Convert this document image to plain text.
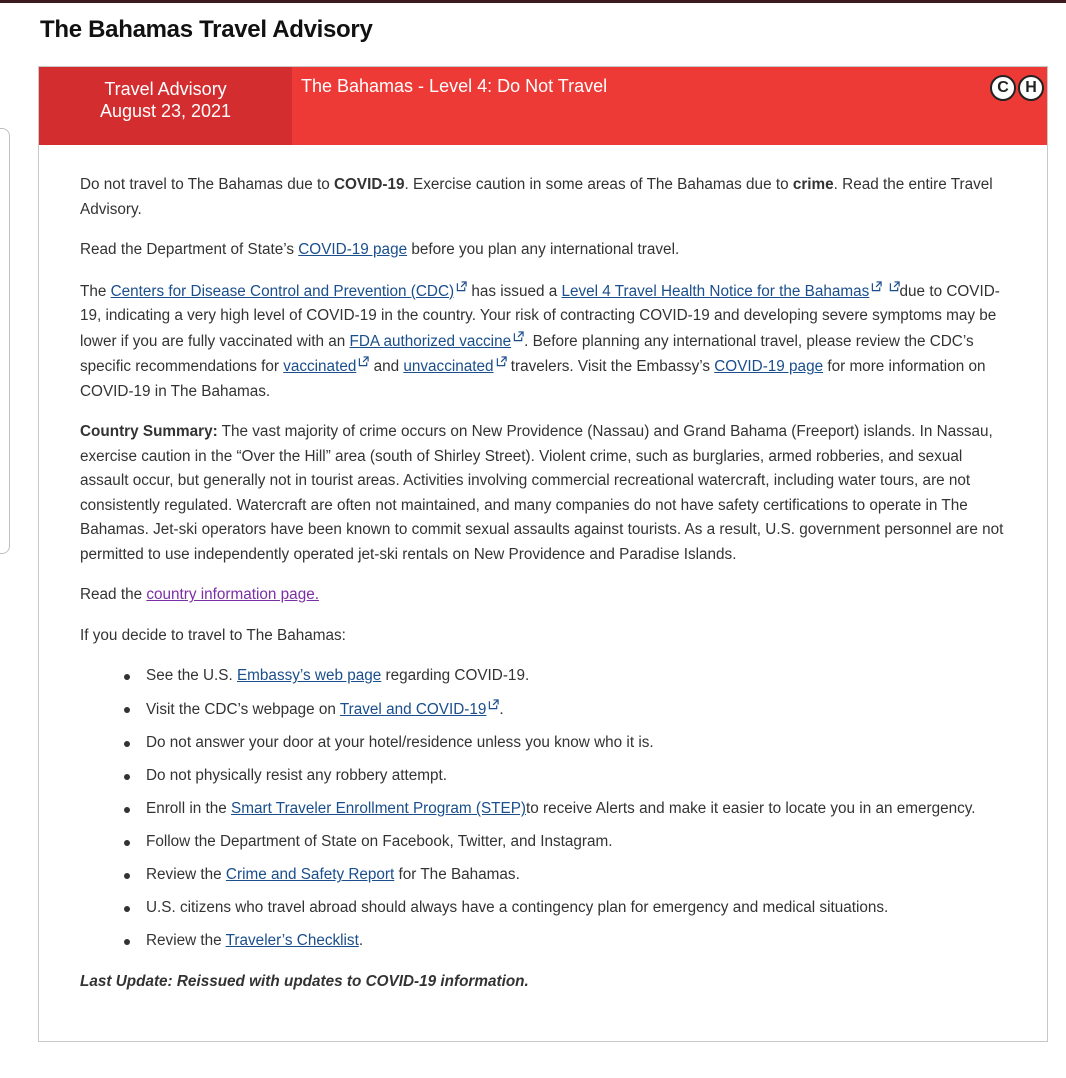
The Bahamas Travel Advisory
Travel Advisory
August 23, 2021
The Bahamas - Level 4: Do Not Travel	C	H

Do not travel to The Bahamas due to COVID-19. Exercise caution in some areas of The Bahamas due to crime. Read the entire Travel Advisory.

Read the Department of State’s COVID-19 page before you plan any international travel.

The Centers for Disease Control and Prevention (CDC) has issued a Level 4 Travel Health Notice for the Bahamas due to COVID-19, indicating a very high level of COVID-19 in the country. Your risk of contracting COVID-19 and developing severe symptoms may be lower if you are fully vaccinated with an FDA authorized vaccine . Before planning any international travel, please review the CDC’s specific recommendations for vaccinated and unvaccinated travelers. Visit the Embassy’s COVID-19 page for more information on COVID-19 in The Bahamas.

Country Summary: The vast majority of crime occurs on New Providence (Nassau) and Grand Bahama (Freeport) islands. In Nassau, exercise caution in the “Over the Hill” area (south of Shirley Street). Violent crime, such as burglaries, armed robberies, and sexual assault occur, but generally not in tourist areas. Activities involving commercial recreational watercraft, including water tours, are not consistently regulated. Watercraft are often not maintained, and many companies do not have safety certifications to operate in The Bahamas. Jet-ski operators have been known to commit sexual assaults against tourists. As a result, U.S. government personnel are not permitted to use independently operated jet-ski rentals on New Providence and Paradise Islands.

Read the country information page.

If you decide to travel to The Bahamas:

See the U.S. Embassy’s web page regarding COVID-19.
Visit the CDC’s webpage on Travel and COVID-19 .
Do not answer your door at your hotel/residence unless you know who it is.
Do not physically resist any robbery attempt.
Enroll in the Smart Traveler Enrollment Program (STEP)to receive Alerts and make it easier to locate you in an emergency.
Follow the Department of State on Facebook, Twitter, and Instagram.
Review the Crime and Safety Report for The Bahamas.
U.S. citizens who travel abroad should always have a contingency plan for emergency and medical situations.
Review the Traveler’s Checklist.

Last Update: Reissued with updates to COVID-19 information.
